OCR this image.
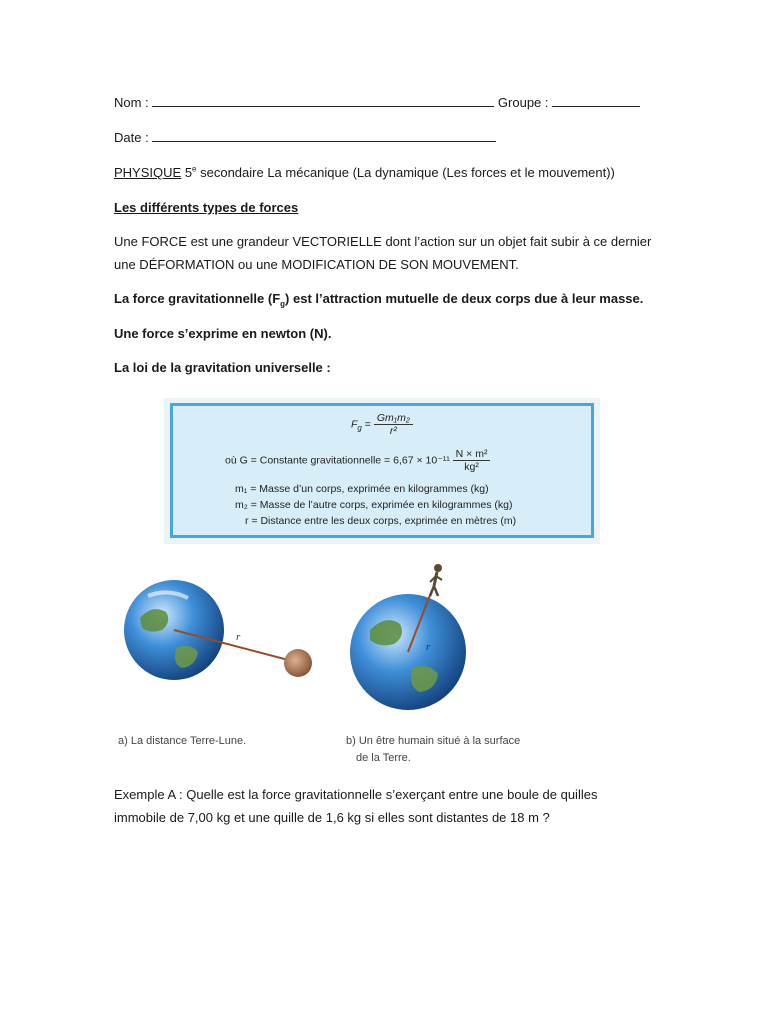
Nom :	Groupe :
Date :
PHYSIQUE 5e secondaire La mécanique (La dynamique (Les forces et le mouvement))
Les différents types de forces
Une FORCE est une grandeur VECTORIELLE dont l’action sur un objet fait subir à ce dernier une DÉFORMATION ou une MODIFICATION DE SON MOUVEMENT.
La force gravitationnelle $(F_g)$ est l’attraction mutuelle de deux corps due à leur masse.
Une force s’exprime en newton (N).
La loi de la gravitation universelle :
$F_g = \frac{\text{Gm₁m₂}}{\text{r²}}$
où G = Constante gravitationnelle = $6,67 \times 10^{-11} \frac{\text{N × m²}}{\text{kg²}}$
m₁ = Masse d’un corps, exprimée en kilogrammes (kg)
m₂ = Masse de l’autre corps, exprimée en kilogrammes (kg)
r = Distance entre les deux corps, exprimée en mètres (m)
r
r
a) La distance Terre-Lune.	b) Un être humain situé à la surface
de la Terre.
Exemple A : Quelle est la force gravitationnelle s’exerçant entre une boule de quilles immobile de 7,00 kg et une quille de 1,6 kg si elles sont distantes de 18 m ?
